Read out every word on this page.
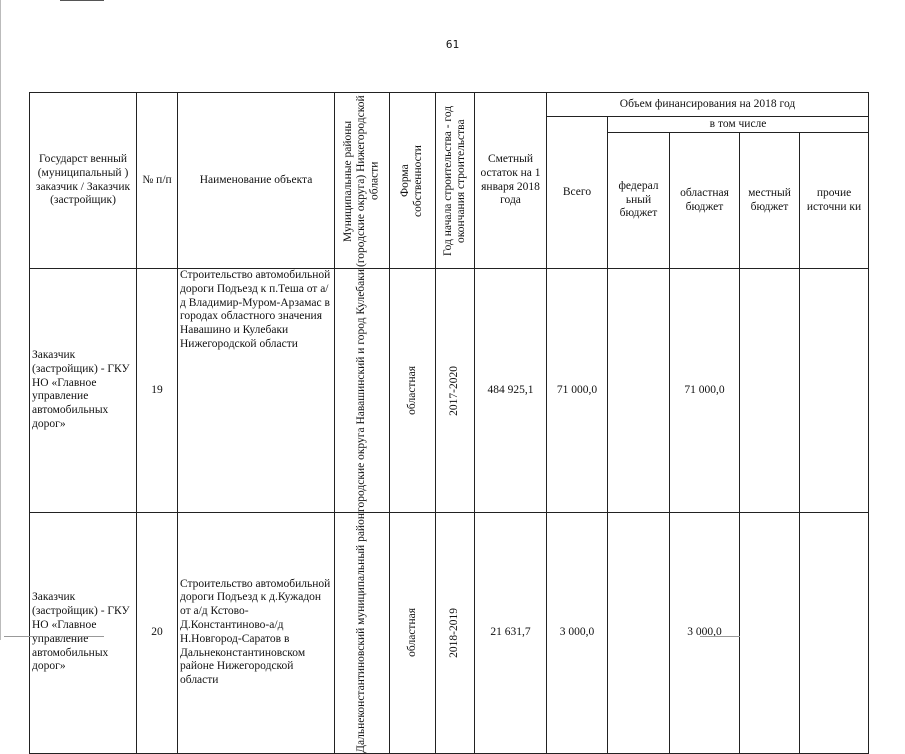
61
Государст венный (муниципальный ) заказчик / Заказчик (застройщик)	№ п/п	Наименование объекта	Муниципальные районы (городские округа) Нижегородской области	Форма собственности	Год начала строительства - год окончания строительства	Сметный остаток на 1 января 2018 года	Объем финансирования на 2018 год				
							Всего	в том числе			
								федерал ьный бюджет	областная бюджет	местный бюджет	прочие источни ки
Заказчик (застройщик) - ГКУ НО «Главное управление автомобильных дорог»	19	Строительство автомобильной дороги Подъезд к п.Теша от а/д Владимир-Муром-Арзамас в городах областного значения Навашино и Кулебаки Нижегородской области	городские округа Навашинский и город Кулебаки	областная	2017-2020	484 925,1	71 000,0		71 000,0		
Заказчик (застройщик) - ГКУ НО «Главное управление автомобильных дорог»	20	Строительство автомобильной дороги Подъезд к д.Кужадон от а/д Кстово-Д.Константиново-а/д Н.Новгород-Саратов в Дальнеконстантиновском районе Нижегородской области	Дальнеконстантиновский муниципальный район	областная	2018-2019	21 631,7	3 000,0		3 000,0		
